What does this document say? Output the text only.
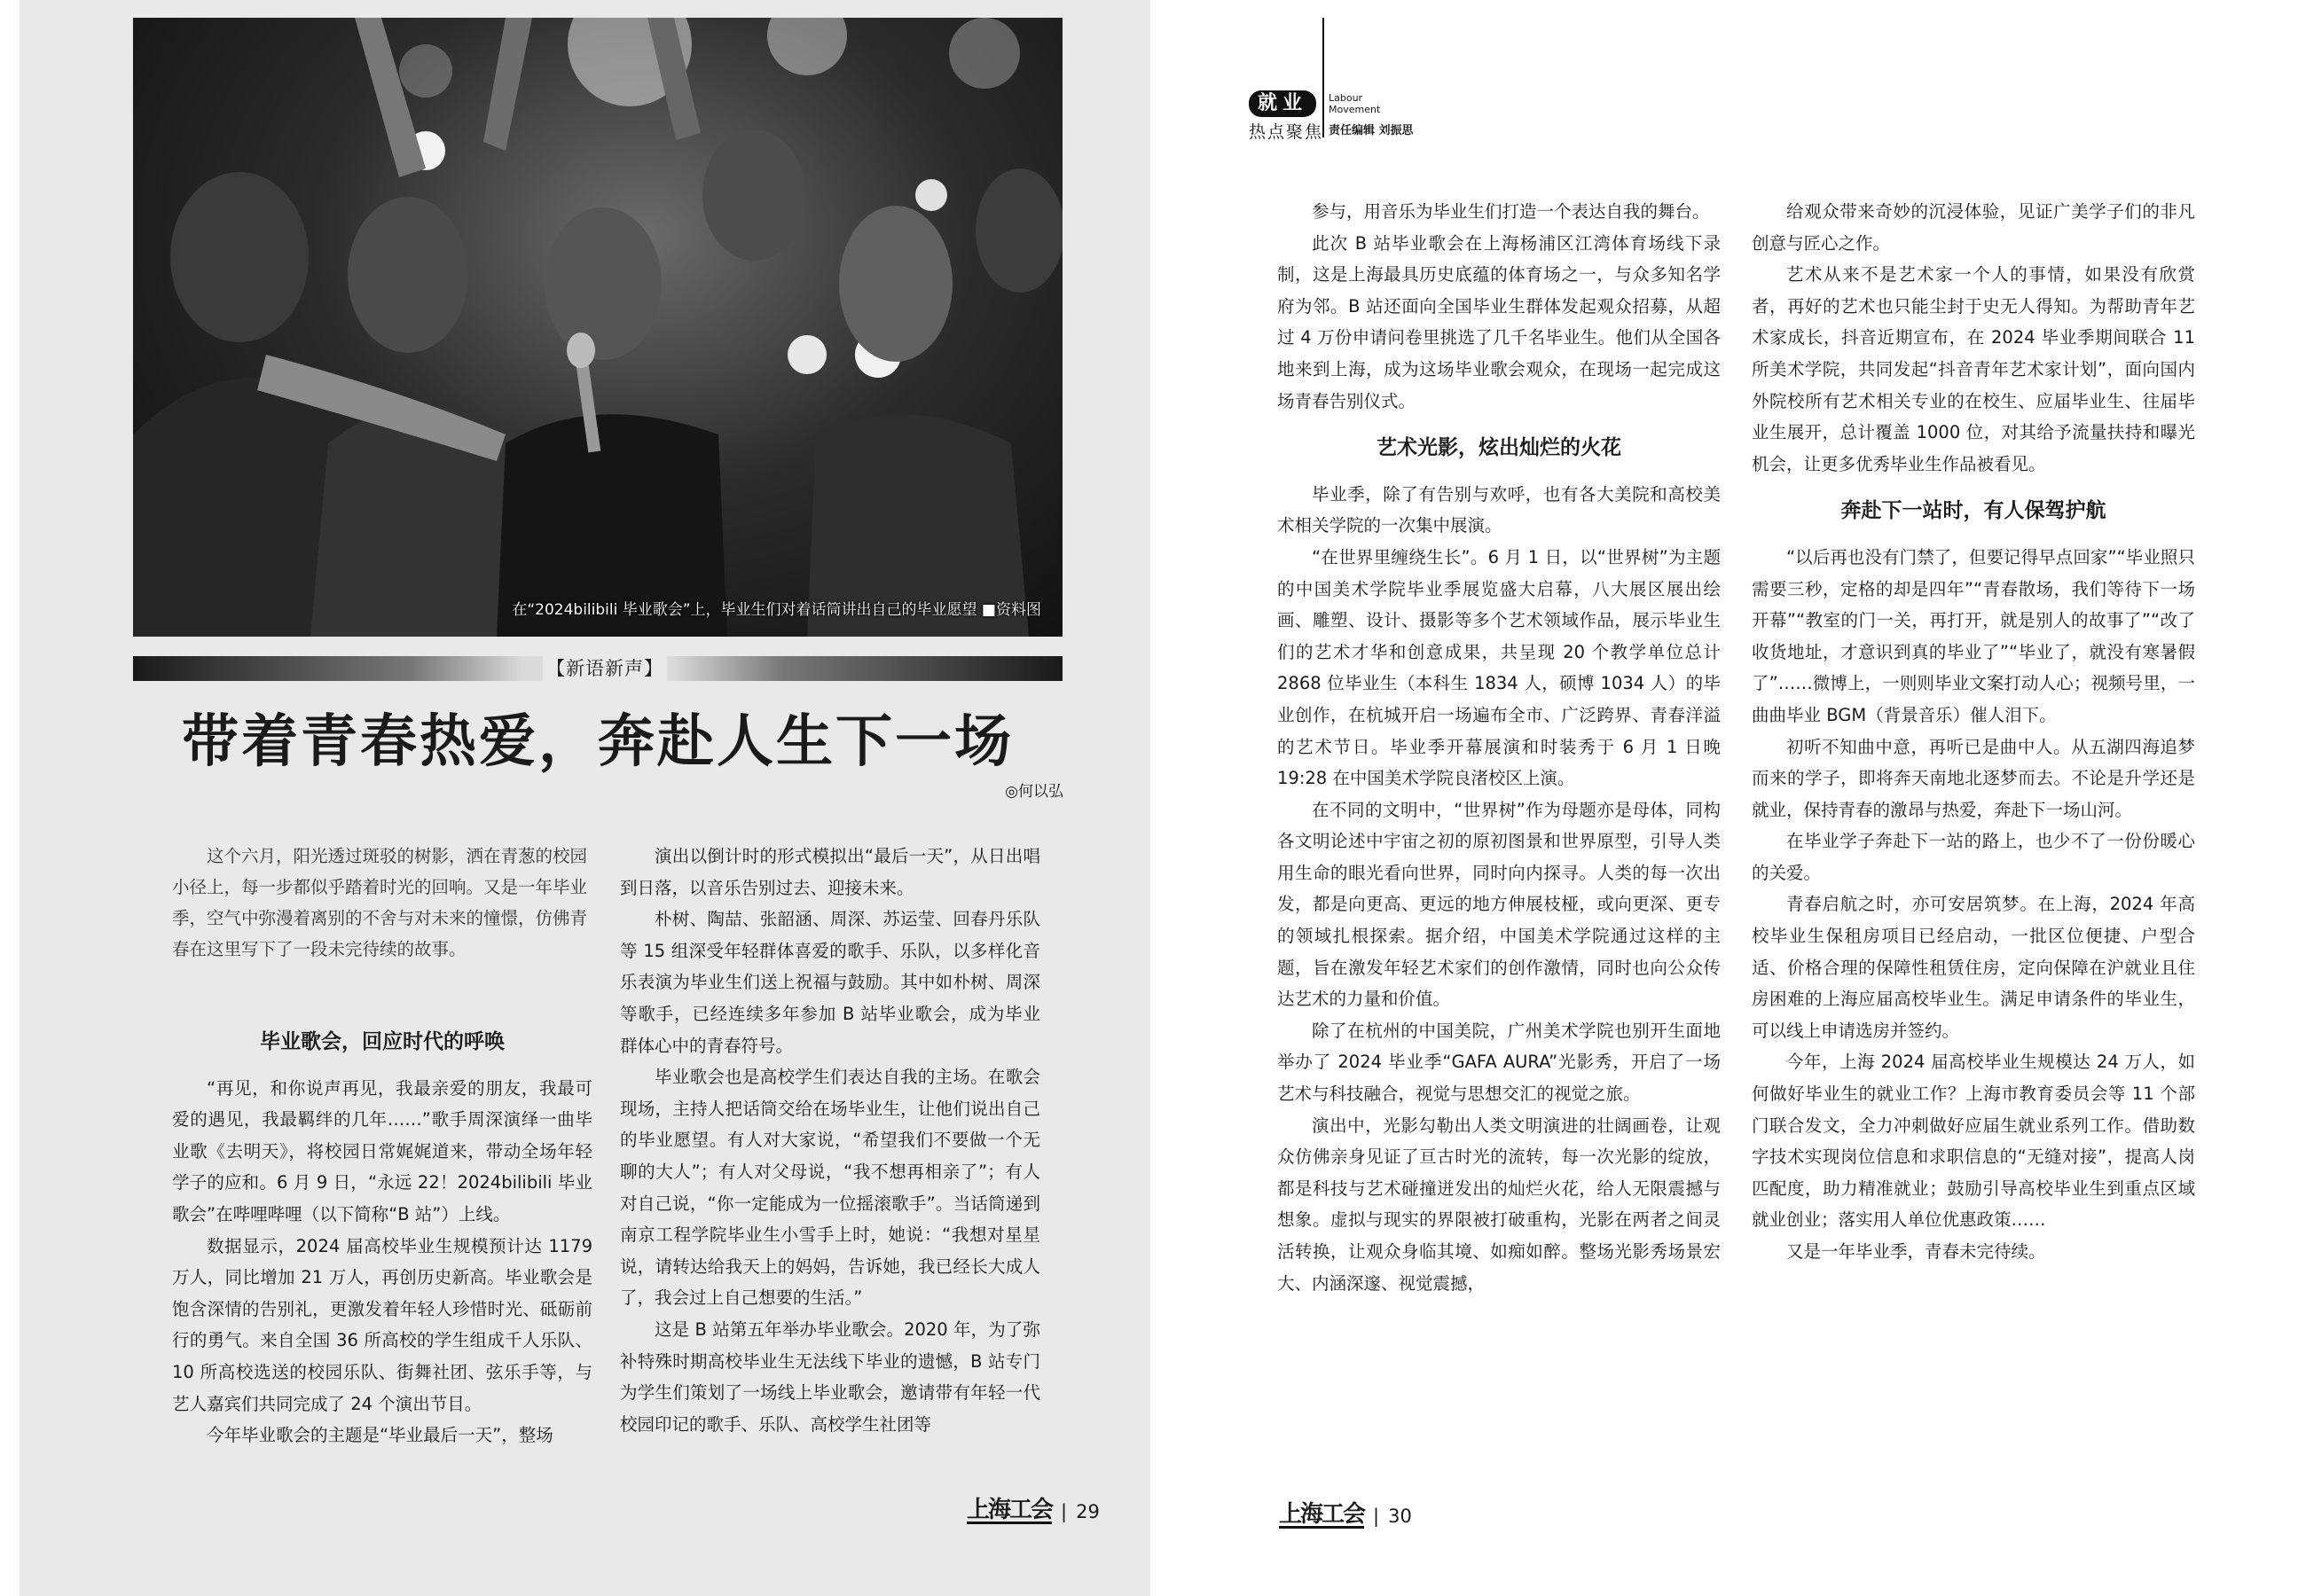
在“2024bilibili 毕业歌会”上，毕业生们对着话筒讲出自己的毕业愿望 ■资料图
【新语新声】
带着青春热爱，奔赴人生下一场
◎何以弘

这个六月，阳光透过斑驳的树影，洒在青葱的校园小径上，每一步都似乎踏着时光的回响。又是一年毕业季，空气中弥漫着离别的不舍与对未来的憧憬，仿佛青春在这里写下了一段未完待续的故事。

毕业歌会，回应时代的呼唤

“再见，和你说声再见，我最亲爱的朋友，我最可爱的遇见，我最羁绊的几年……”歌手周深演绎一曲毕业歌《去明天》，将校园日常娓娓道来，带动全场年轻学子的应和。6 月 9 日，“永远 22！2024bilibili 毕业歌会”在哔哩哔哩（以下简称“B 站”）上线。

数据显示，2024 届高校毕业生规模预计达 1179 万人，同比增加 21 万人，再创历史新高。毕业歌会是饱含深情的告别礼，更激发着年轻人珍惜时光、砥砺前行的勇气。来自全国 36 所高校的学生组成千人乐队、10 所高校选送的校园乐队、街舞社团、弦乐手等，与艺人嘉宾们共同完成了 24 个演出节目。

今年毕业歌会的主题是“毕业最后一天”，整场

演出以倒计时的形式模拟出“最后一天”，从日出唱到日落，以音乐告别过去、迎接未来。

朴树、陶喆、张韶涵、周深、苏运莹、回春丹乐队等 15 组深受年轻群体喜爱的歌手、乐队，以多样化音乐表演为毕业生们送上祝福与鼓励。其中如朴树、周深等歌手，已经连续多年参加 B 站毕业歌会，成为毕业群体心中的青春符号。

毕业歌会也是高校学生们表达自我的主场。在歌会现场，主持人把话筒交给在场毕业生，让他们说出自己的毕业愿望。有人对大家说，“希望我们不要做一个无聊的大人”；有人对父母说，“我不想再相亲了”；有人对自己说，“你一定能成为一位摇滚歌手”。当话筒递到南京工程学院毕业生小雪手上时，她说：“我想对星星说，请转达给我天上的妈妈，告诉她，我已经长大成人了，我会过上自己想要的生活。”

这是 B 站第五年举办毕业歌会。2020 年，为了弥补特殊时期高校毕业生无法线下毕业的遗憾，B 站专门为学生们策划了一场线上毕业歌会，邀请带有年轻一代校园印记的歌手、乐队、高校学生社团等

上海工会 | 29
就业
热点聚焦
Labour
Movement
责任编辑 刘振思

参与，用音乐为毕业生们打造一个表达自我的舞台。

此次 B 站毕业歌会在上海杨浦区江湾体育场线下录制，这是上海最具历史底蕴的体育场之一，与众多知名学府为邻。B 站还面向全国毕业生群体发起观众招募，从超过 4 万份申请问卷里挑选了几千名毕业生。他们从全国各地来到上海，成为这场毕业歌会观众，在现场一起完成这场青春告别仪式。

艺术光影，炫出灿烂的火花

毕业季，除了有告别与欢呼，也有各大美院和高校美术相关学院的一次集中展演。

“在世界里缠绕生长”。6 月 1 日，以“世界树”为主题的中国美术学院毕业季展览盛大启幕，八大展区展出绘画、雕塑、设计、摄影等多个艺术领域作品，展示毕业生们的艺术才华和创意成果，共呈现 20 个教学单位总计 2868 位毕业生（本科生 1834 人，硕博 1034 人）的毕业创作，在杭城开启一场遍布全市、广泛跨界、青春洋溢的艺术节日。毕业季开幕展演和时装秀于 6 月 1 日晚 19:28 在中国美术学院良渚校区上演。

在不同的文明中，“世界树”作为母题亦是母体，同构各文明论述中宇宙之初的原初图景和世界原型，引导人类用生命的眼光看向世界，同时向内探寻。人类的每一次出发，都是向更高、更远的地方伸展枝桠，或向更深、更专的领域扎根探索。据介绍，中国美术学院通过这样的主题，旨在激发年轻艺术家们的创作激情，同时也向公众传达艺术的力量和价值。

除了在杭州的中国美院，广州美术学院也别开生面地举办了 2024 毕业季“GAFA AURA”光影秀，开启了一场艺术与科技融合，视觉与思想交汇的视觉之旅。

演出中，光影勾勒出人类文明演进的壮阔画卷，让观众仿佛亲身见证了亘古时光的流转，每一次光影的绽放，都是科技与艺术碰撞迸发出的灿烂火花，给人无限震撼与想象。虚拟与现实的界限被打破重构，光影在两者之间灵活转换，让观众身临其境、如痴如醉。整场光影秀场景宏大、内涵深邃、视觉震撼，

给观众带来奇妙的沉浸体验，见证广美学子们的非凡创意与匠心之作。

艺术从来不是艺术家一个人的事情，如果没有欣赏者，再好的艺术也只能尘封于史无人得知。为帮助青年艺术家成长，抖音近期宣布，在 2024 毕业季期间联合 11 所美术学院，共同发起“抖音青年艺术家计划”，面向国内外院校所有艺术相关专业的在校生、应届毕业生、往届毕业生展开，总计覆盖 1000 位，对其给予流量扶持和曝光机会，让更多优秀毕业生作品被看见。

奔赴下一站时，有人保驾护航

“以后再也没有门禁了，但要记得早点回家”“毕业照只需要三秒，定格的却是四年”“青春散场，我们等待下一场开幕”“教室的门一关，再打开，就是别人的故事了”“改了收货地址，才意识到真的毕业了”“毕业了，就没有寒暑假了”……微博上，一则则毕业文案打动人心；视频号里，一曲曲毕业 BGM（背景音乐）催人泪下。

初听不知曲中意，再听已是曲中人。从五湖四海追梦而来的学子，即将奔天南地北逐梦而去。不论是升学还是就业，保持青春的激昂与热爱，奔赴下一场山河。

在毕业学子奔赴下一站的路上，也少不了一份份暖心的关爱。

青春启航之时，亦可安居筑梦。在上海，2024 年高校毕业生保租房项目已经启动，一批区位便捷、户型合适、价格合理的保障性租赁住房，定向保障在沪就业且住房困难的上海应届高校毕业生。满足申请条件的毕业生，可以线上申请选房并签约。

今年，上海 2024 届高校毕业生规模达 24 万人，如何做好毕业生的就业工作？上海市教育委员会等 11 个部门联合发文，全力冲刺做好应届生就业系列工作。借助数字技术实现岗位信息和求职信息的“无缝对接”，提高人岗匹配度，助力精准就业；鼓励引导高校毕业生到重点区域就业创业；落实用人单位优惠政策……

又是一年毕业季，青春未完待续。

上海工会 | 30
